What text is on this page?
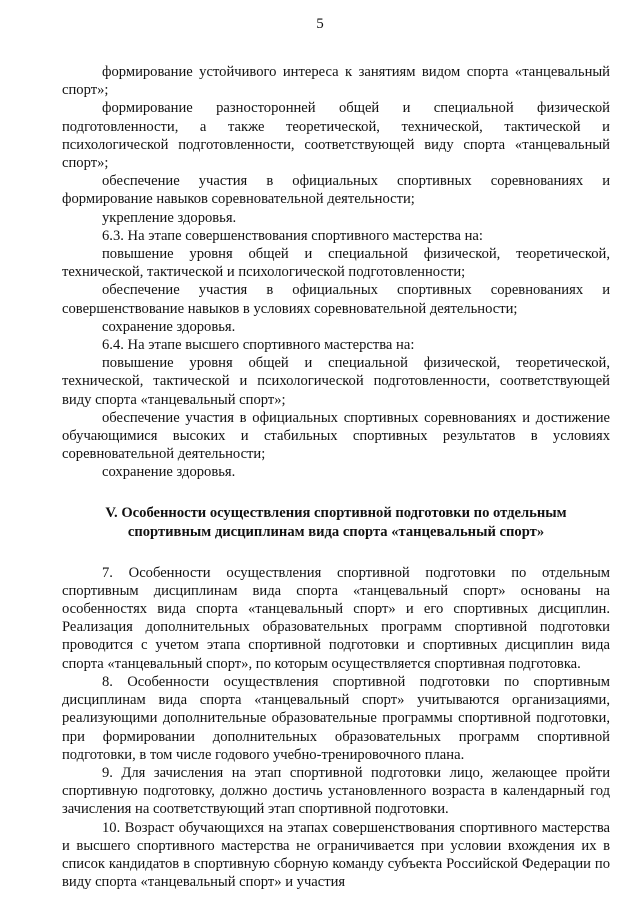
5

формирование устойчивого интереса к занятиям видом спорта «танцевальный спорт»;

формирование разносторонней общей и специальной физической подготовленности, а также теоретической, технической, тактической и психологической подготовленности, соответствующей виду спорта «танцевальный спорт»;

обеспечение участия в официальных спортивных соревнованиях и формирование навыков соревновательной деятельности;

укрепление здоровья.

6.3. На этапе совершенствования спортивного мастерства на:

повышение уровня общей и специальной физической, теоретической, технической, тактической и психологической подготовленности;

обеспечение участия в официальных спортивных соревнованиях и совершенствование навыков в условиях соревновательной деятельности;

сохранение здоровья.

6.4. На этапе высшего спортивного мастерства на:

повышение уровня общей и специальной физической, теоретической, технической, тактической и психологической подготовленности, соответствующей виду спорта «танцевальный спорт»;

обеспечение участия в официальных спортивных соревнованиях и достижение обучающимися высоких и стабильных спортивных результатов в условиях соревновательной деятельности;

сохранение здоровья.

V. Особенности осуществления спортивной подготовки по отдельным спортивным дисциплинам вида спорта «танцевальный спорт»

7. Особенности осуществления спортивной подготовки по отдельным спортивным дисциплинам вида спорта «танцевальный спорт» основаны на особенностях вида спорта «танцевальный спорт» и его спортивных дисциплин. Реализация дополнительных образовательных программ спортивной подготовки проводится с учетом этапа спортивной подготовки и спортивных дисциплин вида спорта «танцевальный спорт», по которым осуществляется спортивная подготовка.

8. Особенности осуществления спортивной подготовки по спортивным дисциплинам вида спорта «танцевальный спорт» учитываются организациями, реализующими дополнительные образовательные программы спортивной подготовки, при формировании дополнительных образовательных программ спортивной подготовки, в том числе годового учебно-тренировочного плана.

9. Для зачисления на этап спортивной подготовки лицо, желающее пройти спортивную подготовку, должно достичь установленного возраста в календарный год зачисления на соответствующий этап спортивной подготовки.

10. Возраст обучающихся на этапах совершенствования спортивного мастерства и высшего спортивного мастерства не ограничивается при условии вхождения их в список кандидатов в спортивную сборную команду субъекта Российской Федерации по виду спорта «танцевальный спорт» и участия
